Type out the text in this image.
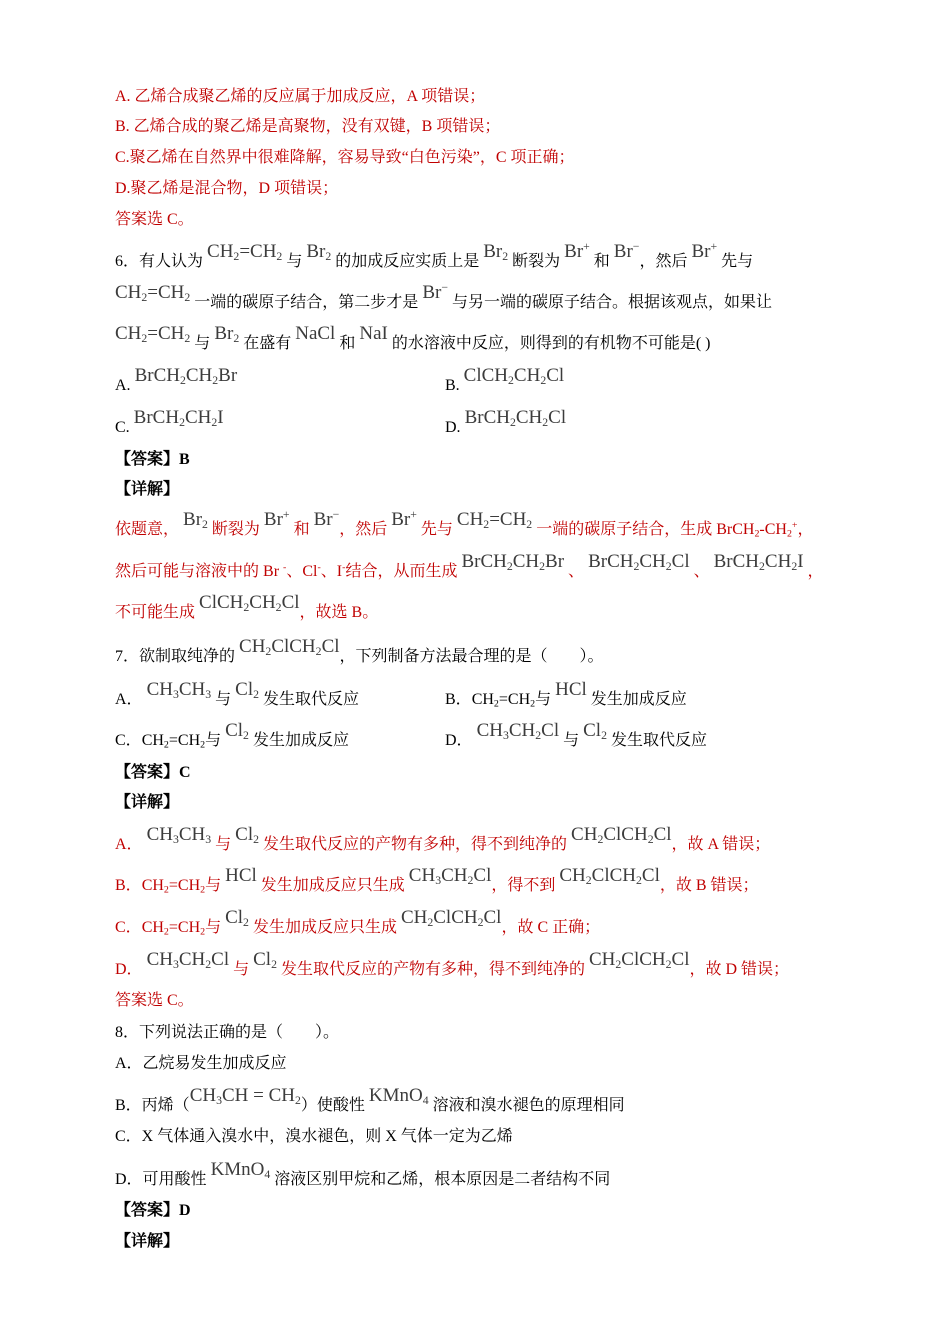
A. 乙烯合成聚乙烯的反应属于加成反应，A 项错误；
B. 乙烯合成的聚乙烯是高聚物，没有双键，B 项错误；
C.聚乙烯在自然界中很难降解，容易导致“白色污染”，C 项正确；
D.聚乙烯是混合物，D 项错误；
答案选 C。
6．有人认为 $CH_2=CH_2$ 与 $Br_2$ 的加成反应实质上是 $Br_2$ 断裂为 Br+ 和 Br−，然后 Br+ 先与
$CH_2=CH_2$ 一端的碳原子结合，第二步才是 Br− 与另一端的碳原子结合。根据该观点，如果让
$CH_2=CH_2$ 与 $Br_2$ 在盛有 NaCl 和 NaI 的水溶液中反应，则得到的有机物不可能是( )
A. $BrCH_2CH_2Br$	B. $ClCH_2CH_2Cl$
C. $BrCH_2CH_2I$	D. $BrCH_2CH_2Cl$
【答案】B
【详解】
依题意， $Br_2$ 断裂为 Br+ 和 Br−，然后 Br+ 先与 $CH_2=CH_2$ 一端的碳原子结合，生成 $BrCH_2-CH_2^+$，
然后可能与溶液中的 Br -、Cl-、I-结合，从而生成 $BrCH_2CH_2Br$ 、 $BrCH_2CH_2Cl$ 、 $BrCH_2CH_2I$ ，
不可能生成 $ClCH_2CH_2Cl$，故选 B。
7．欲制取纯净的 $CH_2ClCH_2Cl$，下列制备方法最合理的是（　　）。
A． $CH_3CH_3$ 与 $Cl_2$ 发生取代反应	B．$CH_2=CH_2$与 HCl 发生加成反应
C．$CH_2=CH_2$与 $Cl_2$ 发生加成反应	D． $CH_3CH_2Cl$ 与 $Cl_2$ 发生取代反应
【答案】C
【详解】
A． $CH_3CH_3$ 与 $Cl_2$ 发生取代反应的产物有多种，得不到纯净的 $CH_2ClCH_2Cl$，故 A 错误；
B．$CH_2=CH_2$与 HCl 发生加成反应只生成 $CH_3CH_2Cl$，得不到 $CH_2ClCH_2Cl$，故 B 错误；
C．$CH_2=CH_2$与 $Cl_2$ 发生加成反应只生成 $CH_2ClCH_2Cl$，故 C 正确；
D． $CH_3CH_2Cl$ 与 $Cl_2$ 发生取代反应的产物有多种，得不到纯净的 $CH_2ClCH_2Cl$，故 D 错误；
答案选 C。
8．下列说法正确的是（　　）。
A．乙烷易发生加成反应
B．丙烯$(CH_3CH = CH_2)$使酸性 KMnO$_4$ 溶液和溴水褪色的原理相同
C．X 气体通入溴水中，溴水褪色，则 X 气体一定为乙烯
D．可用酸性 KMnO$_4$ 溶液区别甲烷和乙烯，根本原因是二者结构不同
【答案】D
【详解】
